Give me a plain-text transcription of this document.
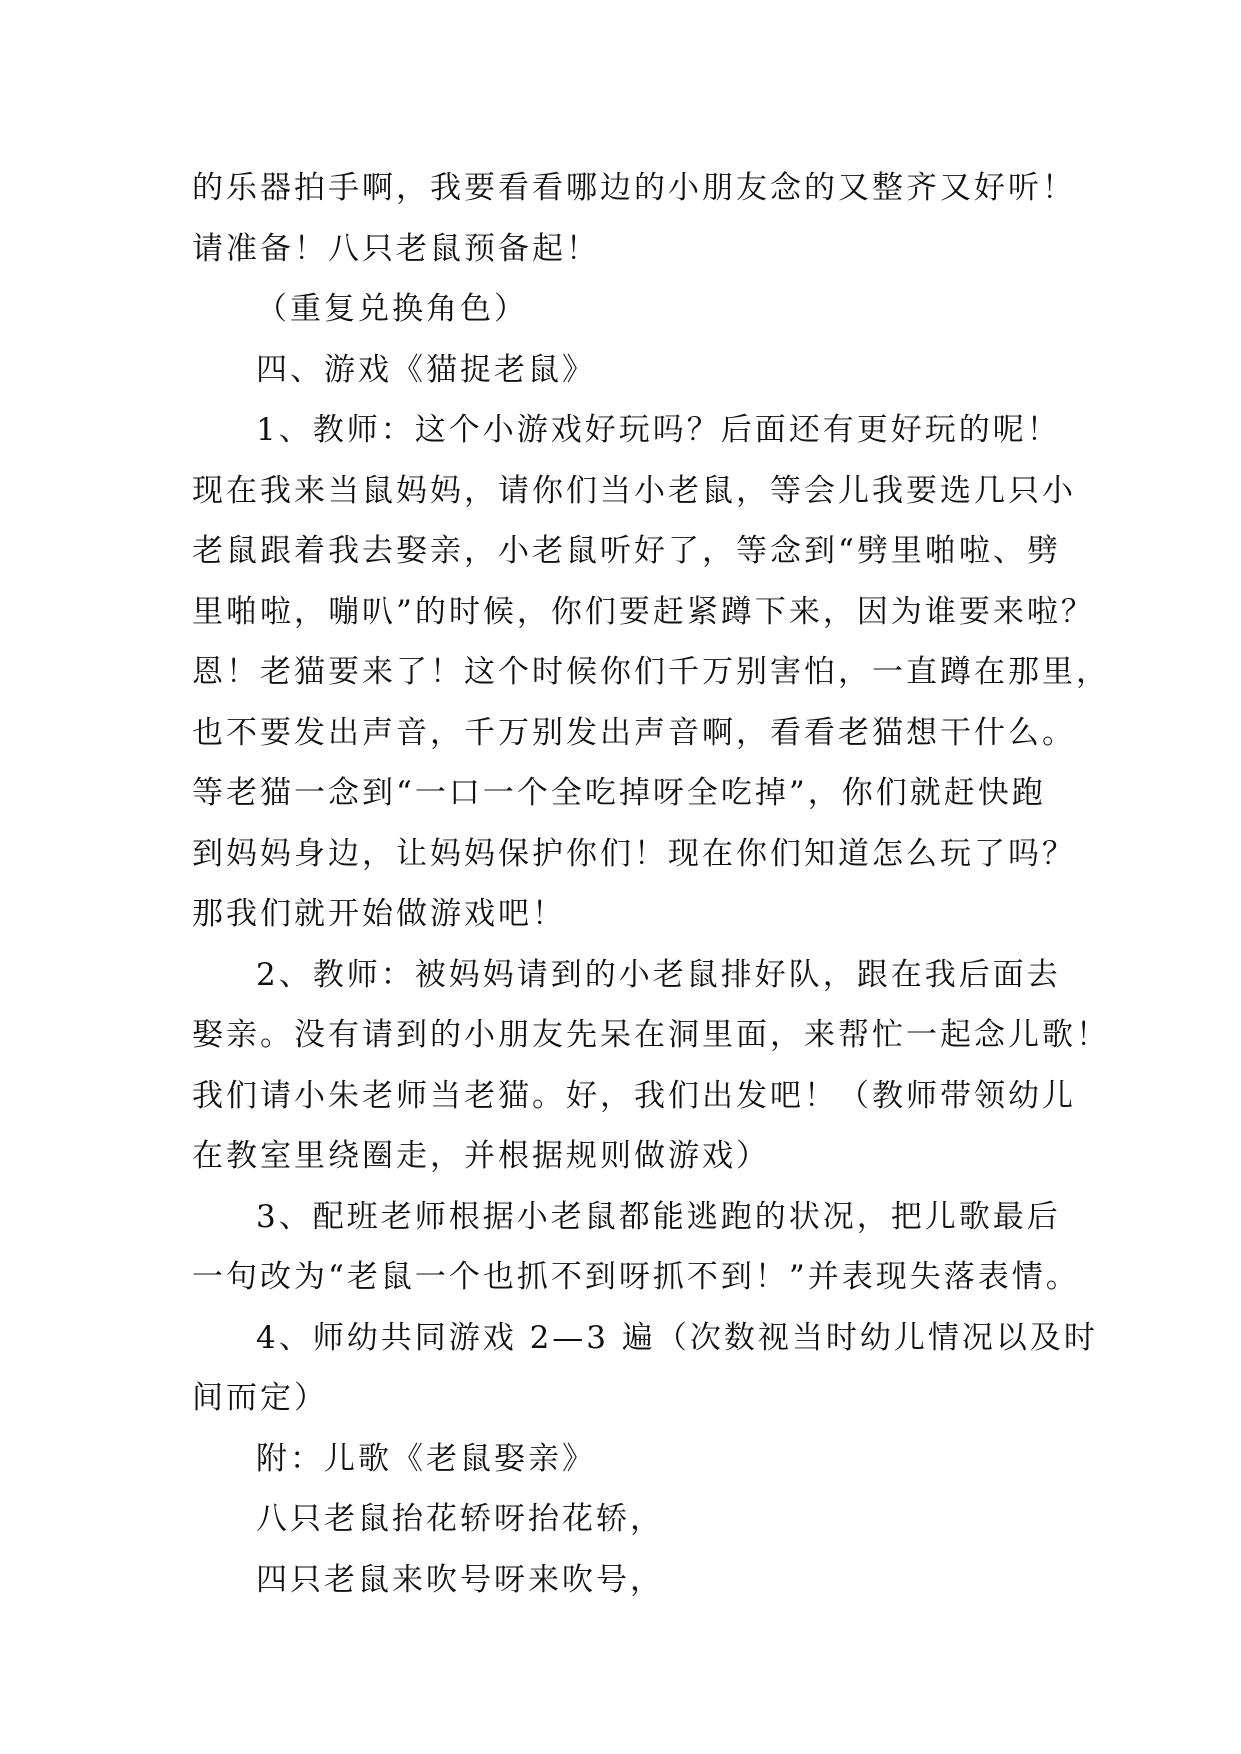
的乐器拍手啊，我要看看哪边的小朋友念的又整齐又好听！
请准备！八只老鼠预备起！
（重复兑换角色）
四、游戏《猫捉老鼠》
1、教师：这个小游戏好玩吗？后面还有更好玩的呢！
现在我来当鼠妈妈，请你们当小老鼠，等会儿我要选几只小
老鼠跟着我去娶亲，小老鼠听好了，等念到“劈里啪啦、劈
里啪啦，嘣叭”的时候，你们要赶紧蹲下来，因为谁要来啦？
恩！老猫要来了！这个时候你们千万别害怕，一直蹲在那里，
也不要发出声音，千万别发出声音啊，看看老猫想干什么。
等老猫一念到“一口一个全吃掉呀全吃掉”，你们就赶快跑
到妈妈身边，让妈妈保护你们！现在你们知道怎么玩了吗？
那我们就开始做游戏吧！
2、教师：被妈妈请到的小老鼠排好队，跟在我后面去
娶亲。没有请到的小朋友先呆在洞里面，来帮忙一起念儿歌！
我们请小朱老师当老猫。好，我们出发吧！（教师带领幼儿
在教室里绕圈走，并根据规则做游戏）
3、配班老师根据小老鼠都能逃跑的状况，把儿歌最后
一句改为“老鼠一个也抓不到呀抓不到！”并表现失落表情。
4、师幼共同游戏 2—3 遍（次数视当时幼儿情况以及时
间而定）
附：儿歌《老鼠娶亲》
八只老鼠抬花轿呀抬花轿，
四只老鼠来吹号呀来吹号，
